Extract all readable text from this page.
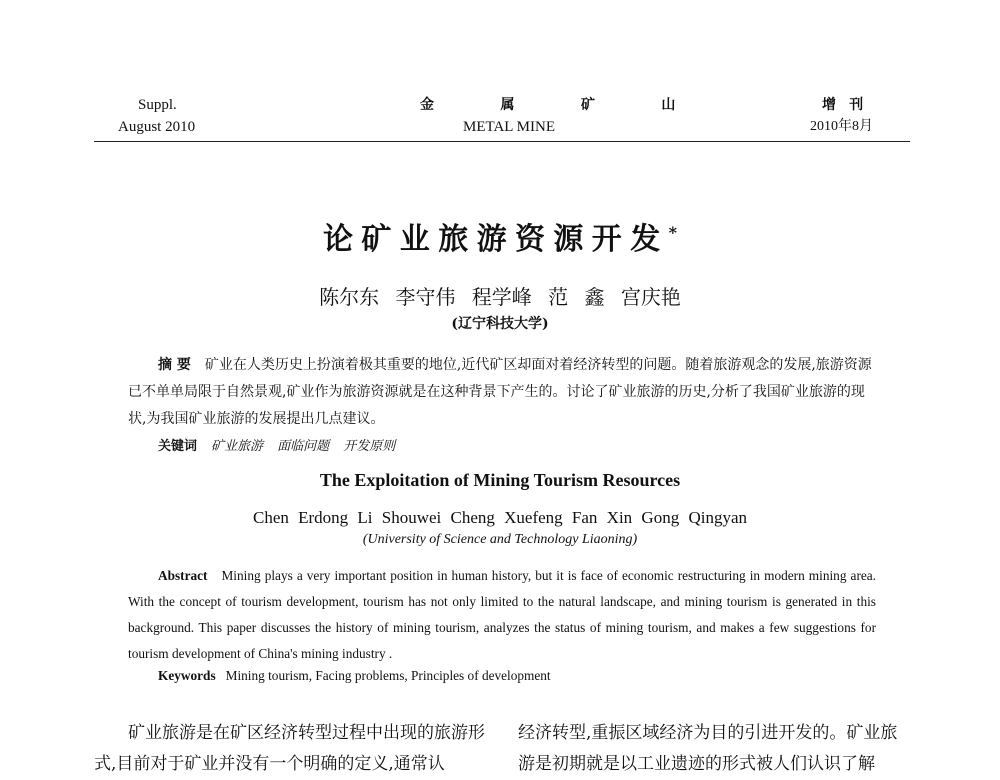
Suppl.
August 2010
金 属 矿 山
METAL MINE
增 刊
2010年8月
论矿业旅游资源开发*
陈尔东 李守伟 程学峰 范 鑫 宫庆艳
(辽宁科技大学)

摘 要 矿业在人类历史上扮演着极其重要的地位,近代矿区却面对着经济转型的问题。随着旅游观念的发展,旅游资源已不单单局限于自然景观,矿业作为旅游资源就是在这种背景下产生的。讨论了矿业旅游的历史,分析了我国矿业旅游的现状,为我国矿业旅游的发展提出几点建议。

关键词 矿业旅游 面临问题 开发原则
The Exploitation of Mining Tourism Resources
Chen Erdong Li Shouwei Cheng Xuefeng Fan Xin Gong Qingyan
(University of Science and Technology Liaoning)

Abstract Mining plays a very important position in human history, but it is face of economic restructuring in modern mining area. With the concept of tourism development, tourism has not only limited to the natural landscape, and mining tourism is generated in this background. This paper discusses the history of mining tourism, analyzes the status of mining tourism, and makes a few suggestions for tourism development of China's mining industry .

Keywords Mining tourism, Facing problems, Principles of development

矿业旅游是在矿区经济转型过程中出现的旅游形式,目前对于矿业并没有一个明确的定义,通常认

经济转型,重振区域经济为目的引进开发的。矿业旅游是初期就是以工业遗迹的形式被人们认识了解
